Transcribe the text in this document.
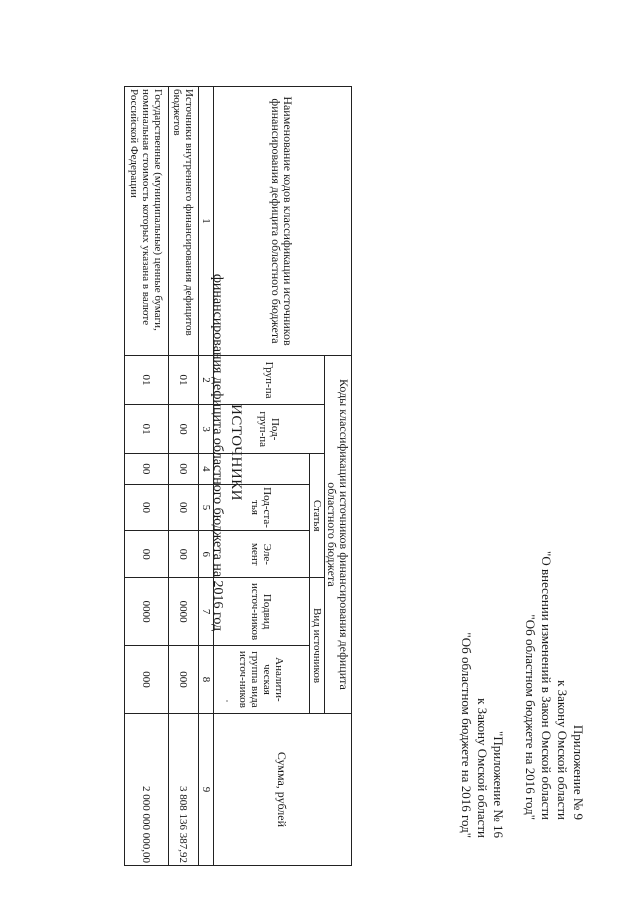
Приложение № 9
к Закону Омской области
"О внесении изменений в Закон Омской области
"Об областном бюджете на 2016 год"
"Приложение № 16
к Закону Омской области
"Об областном бюджете на 2016 год"
ИСТОЧНИКИ
финансирования дефицита областного бюджета на 2016 год
Наименование кодов классификации источников финансирования дефицита областного бюджета	Коды классификации источников финансирования дефицита областного бюджета							Сумма, рублей
	Груп-па	Под-груп-па	Статья			Вид источников		
				Под-ста-тья	Эле-мент	Подвид источ-ников	Аналити-ческая группа вида источ-ников	
1	2	3	4	5	6	7	8	9
Источники внутреннего финансирования дефицитов бюджетов	01	00	00	00	00	0000	000	3 808 136 387,92
Государственные (муниципальные) ценные бумаги, номинальная стоимость которых указана в валюте Российской Федерации	01	01	00	00	00	0000	000	2 000 000 000,00
